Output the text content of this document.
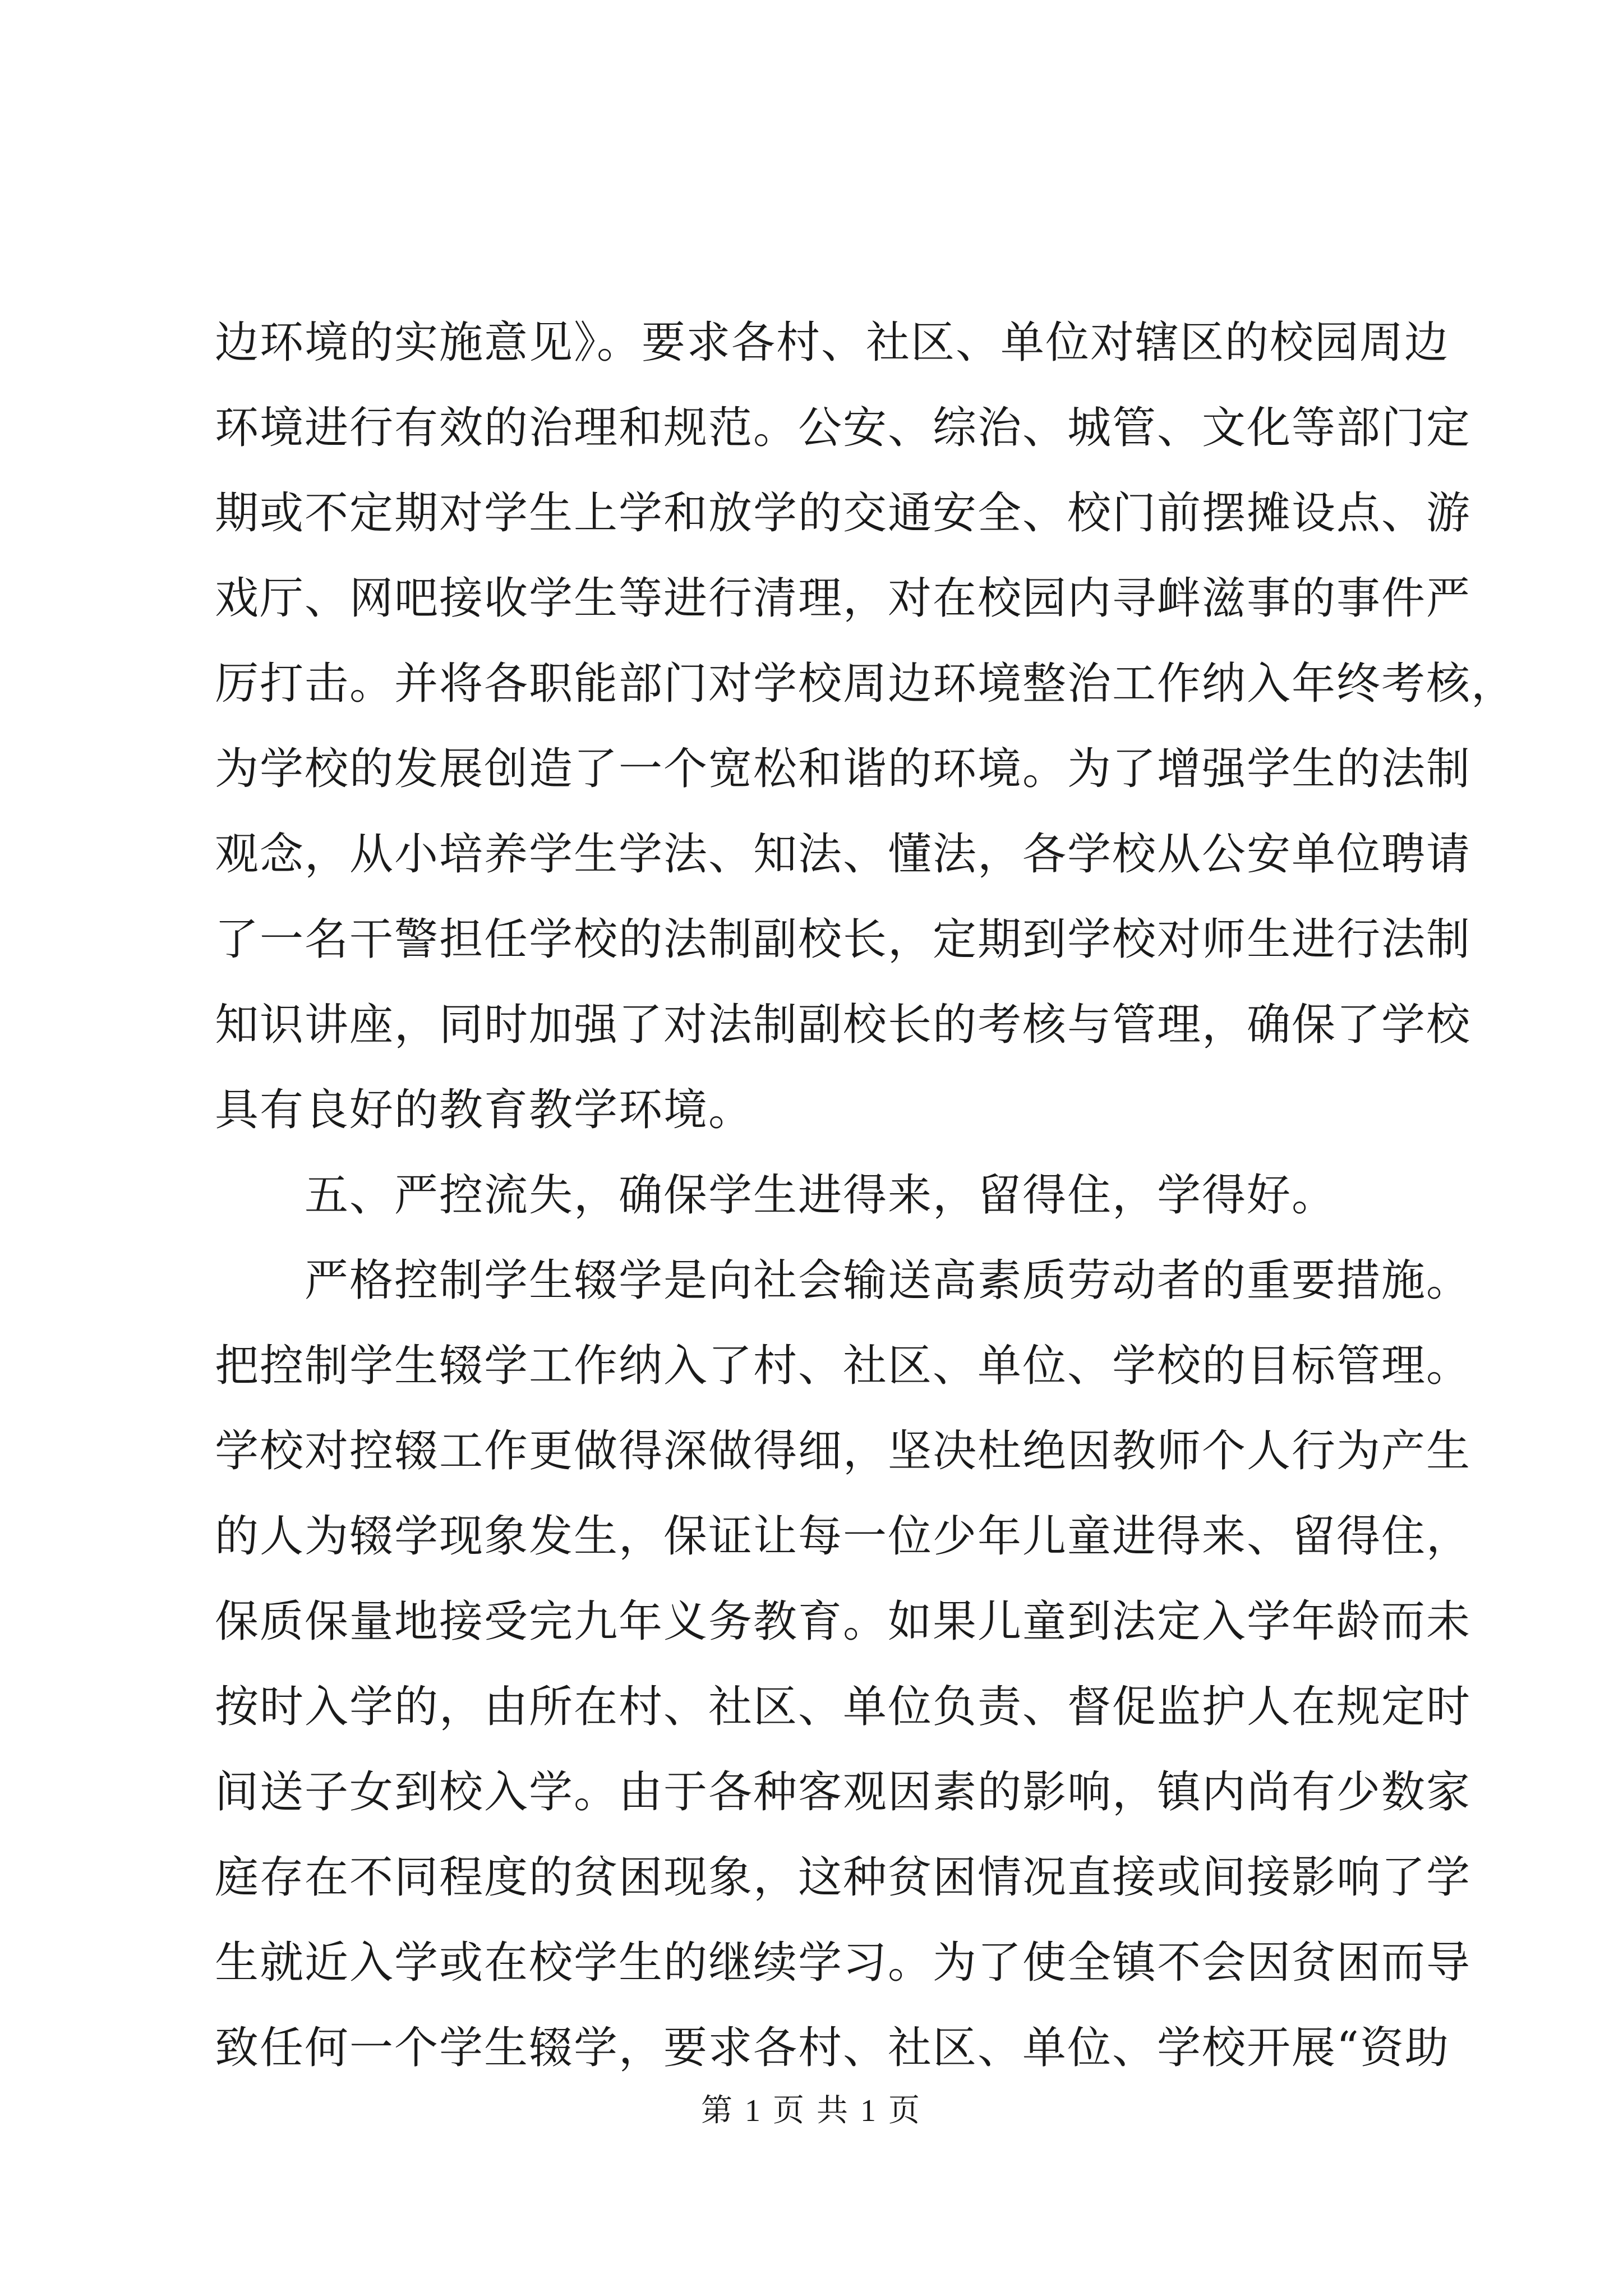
边环境的实施意见》。要求各村、社区、单位对辖区的校园周边
环境进行有效的治理和规范。公安、综治、城管、文化等部门定
期或不定期对学生上学和放学的交通安全、校门前摆摊设点、游
戏厅、网吧接收学生等进行清理，对在校园内寻衅滋事的事件严
厉打击。并将各职能部门对学校周边环境整治工作纳入年终考核，
为学校的发展创造了一个宽松和谐的环境。为了增强学生的法制
观念，从小培养学生学法、知法、懂法，各学校从公安单位聘请
了一名干警担任学校的法制副校长，定期到学校对师生进行法制
知识讲座，同时加强了对法制副校长的考核与管理，确保了学校
具有良好的教育教学环境。
五、严控流失，确保学生进得来，留得住，学得好。
严格控制学生辍学是向社会输送高素质劳动者的重要措施。
把控制学生辍学工作纳入了村、社区、单位、学校的目标管理。
学校对控辍工作更做得深做得细，坚决杜绝因教师个人行为产生
的人为辍学现象发生，保证让每一位少年儿童进得来、留得住，
保质保量地接受完九年义务教育。如果儿童到法定入学年龄而未
按时入学的，由所在村、社区、单位负责、督促监护人在规定时
间送子女到校入学。由于各种客观因素的影响，镇内尚有少数家
庭存在不同程度的贫困现象，这种贫困情况直接或间接影响了学
生就近入学或在校学生的继续学习。为了使全镇不会因贫困而导
致任何一个学生辍学，要求各村、社区、单位、学校开展“资助
第 1 页 共 1 页
